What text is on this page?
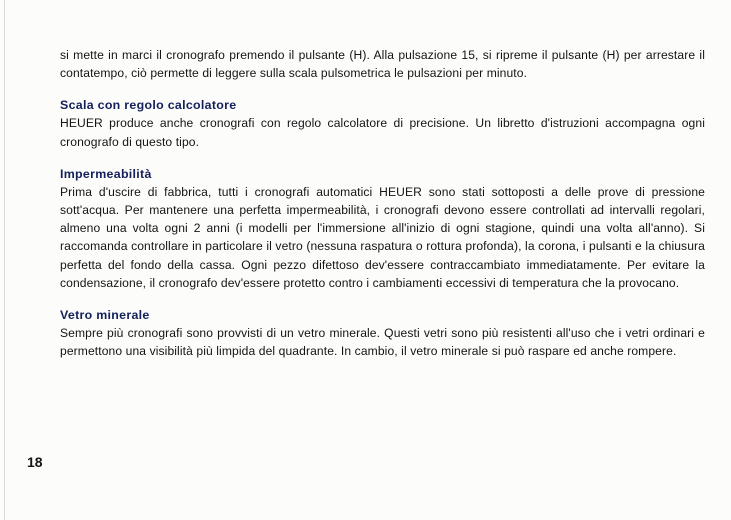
si mette in marci il cronografo premendo il pulsante (H). Alla pulsazione 15, si ripreme il pulsante (H) per arrestare il contatempo, ciò permette di leggere sulla scala pulsometrica le pulsazioni per minuto.

Scala con regolo calcolatore

HEUER produce anche cronografi con regolo calcolatore di precisione. Un libretto d'istruzioni accompagna ogni cronografo di questo tipo.

Impermeabilità

Prima d'uscire di fabbrica, tutti i cronografi automatici HEUER sono stati sottoposti a delle prove di pressione sott'acqua. Per mantenere una perfetta impermeabilità, i cronografi devono essere controllati ad intervalli regolari, almeno una volta ogni 2 anni (i modelli per l'immersione all'inizio di ogni stagione, quindi una volta all'anno). Si raccomanda controllare in particolare il vetro (nessuna raspatura o rottura profonda), la corona, i pulsanti e la chiusura perfetta del fondo della cassa. Ogni pezzo difettoso dev'essere contraccambiato immediatamente. Per evitare la condensazione, il cronografo dev'essere protetto contro i cambiamenti eccessivi di temperatura che la provocano.

Vetro minerale

Sempre più cronografi sono provvisti di un vetro minerale. Questi vetri sono più resistenti all'uso che i vetri ordinari e permettono una visibilità più limpida del quadrante. In cambio, il vetro minerale si può raspare ed anche rompere.

18
